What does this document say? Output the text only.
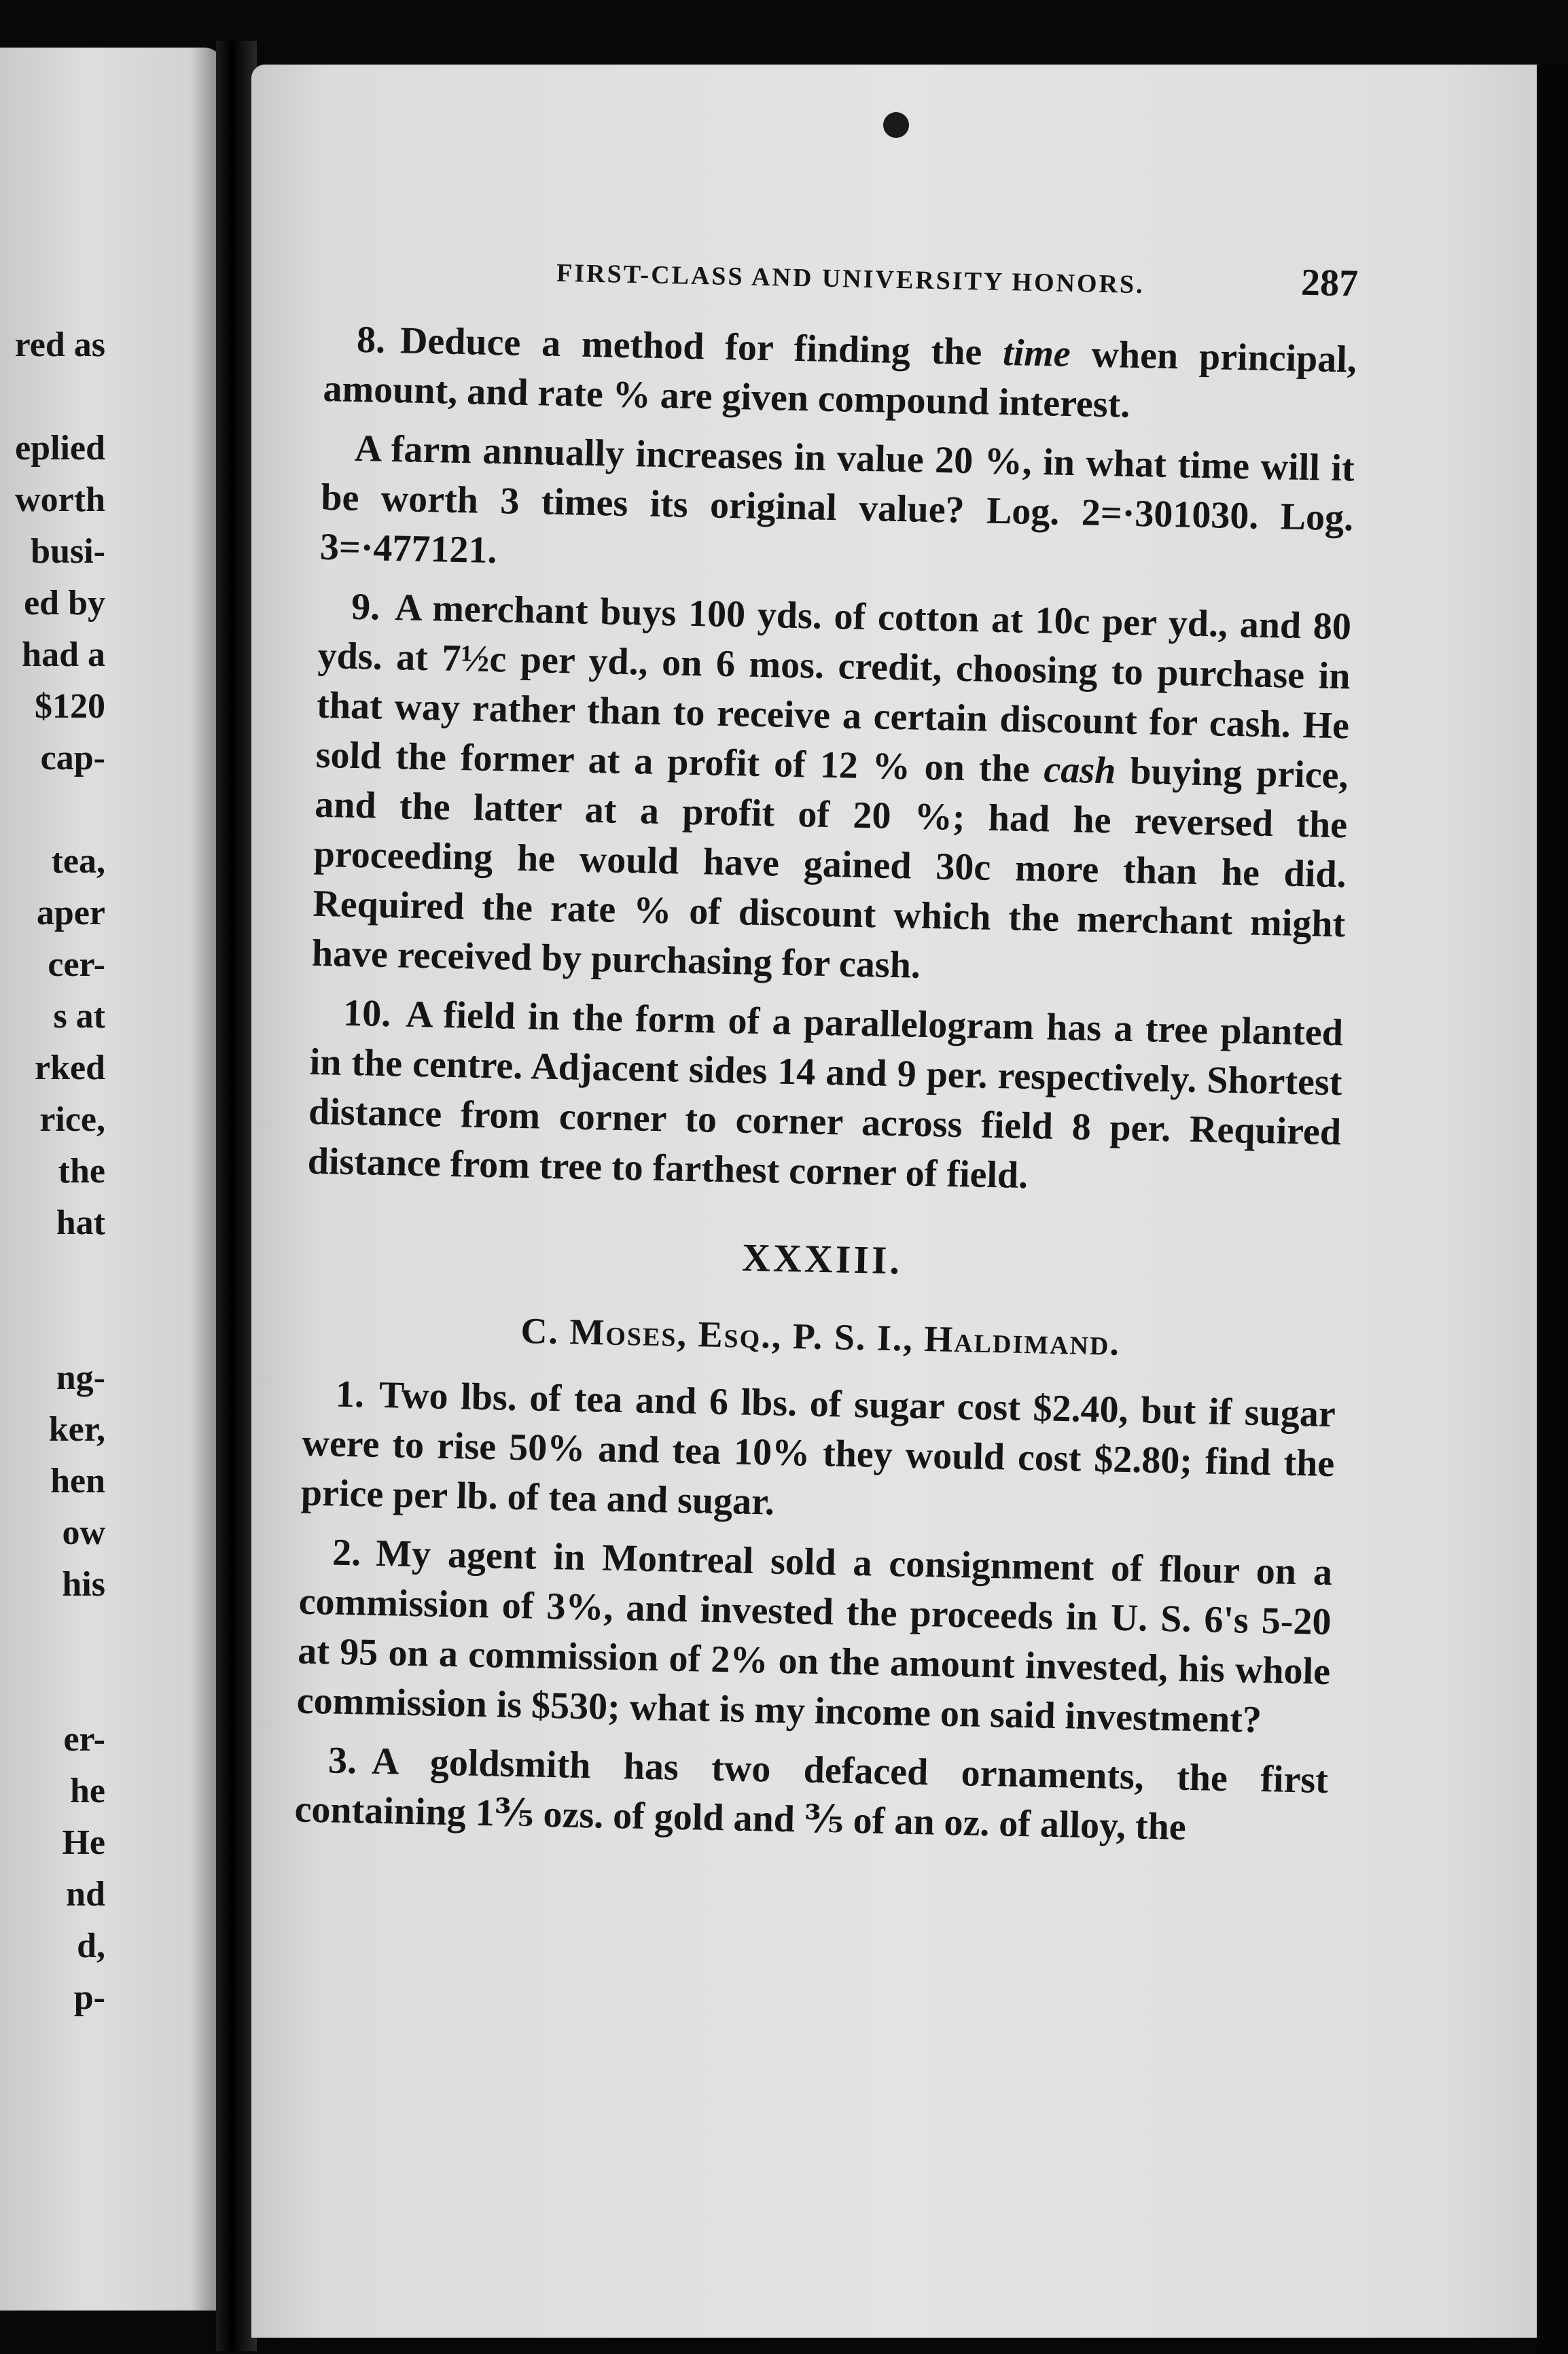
red as
eplied
worth
busi-
ed by
had a
$120
cap-
tea,
aper
cer-
s at
rked
rice,
the
hat
ng-
ker,
hen
ow
his
er-
he
He
nd
d,
p-
FIRST-CLASS AND UNIVERSITY HONORS.	287

8. Deduce a method for finding the time when principal, amount, and rate % are given compound interest.

A farm annually increases in value 20 %, in what time will it be worth 3 times its original value? Log. 2=·301030. Log. 3=·477121.

9. A merchant buys 100 yds. of cotton at 10c per yd., and 80 yds. at 7½c per yd., on 6 mos. credit, choosing to purchase in that way rather than to receive a certain discount for cash. He sold the former at a profit of 12 % on the cash buying price, and the latter at a profit of 20 %; had he reversed the proceeding he would have gained 30c more than he did. Required the rate % of discount which the merchant might have received by purchasing for cash.

10. A field in the form of a parallelogram has a tree planted in the centre. Adjacent sides 14 and 9 per. respectively. Shortest distance from corner to corner across field 8 per. Required distance from tree to farthest corner of field.

XXXIII.
C. Moses, Esq., P. S. I., Haldimand.

1. Two lbs. of tea and 6 lbs. of sugar cost $2.40, but if sugar were to rise 50% and tea 10% they would cost $2.80; find the price per lb. of tea and sugar.

2. My agent in Montreal sold a consignment of flour on a commission of 3%, and invested the proceeds in U. S. 6's 5-20 at 95 on a commission of 2% on the amount invested, his whole commission is $530; what is my income on said investment?

3. A goldsmith has two defaced ornaments, the first containing 1⅗ ozs. of gold and ⅗ of an oz. of alloy, the
